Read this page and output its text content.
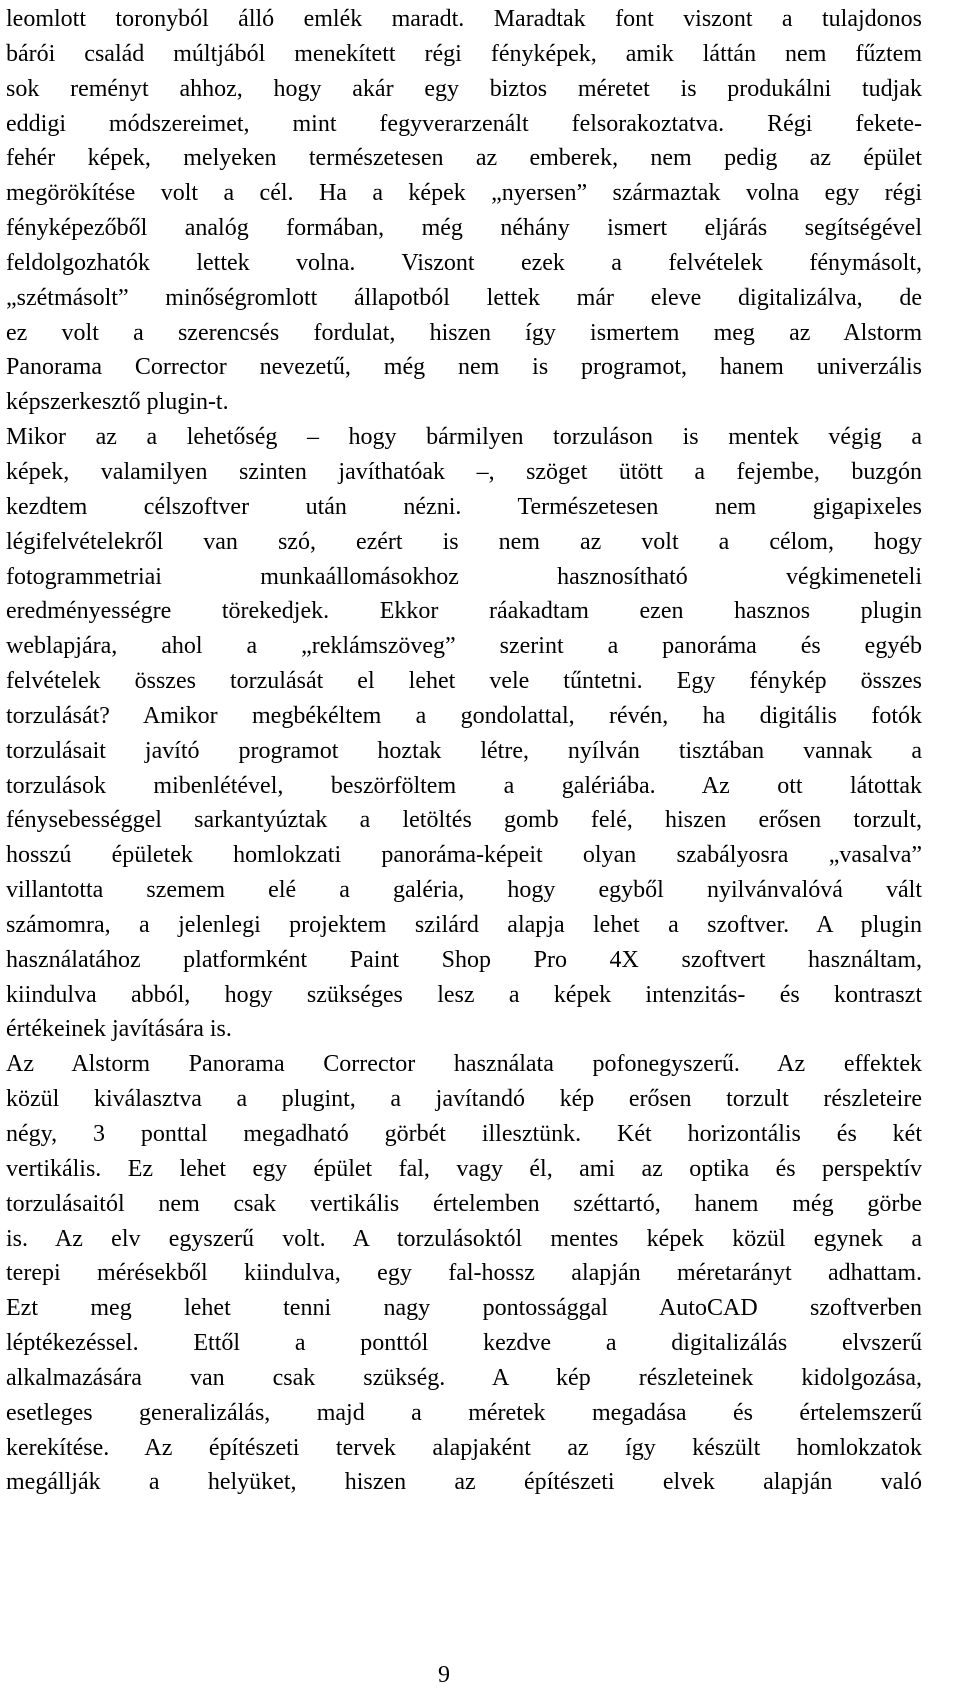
leomlott toronyból álló emlék maradt. Maradtak font viszont a tulajdonos
bárói család múltjából menekített régi fényképek, amik láttán nem fűztem
sok reményt ahhoz, hogy akár egy biztos méretet is produkálni tudjak
eddigi módszereimet, mint fegyverarzenált felsorakoztatva. Régi fekete-
fehér képek, melyeken természetesen az emberek, nem pedig az épület
megörökítése volt a cél. Ha a képek „nyersen” származtak volna egy régi
fényképezőből analóg formában, még néhány ismert eljárás segítségével
feldolgozhatók lettek volna. Viszont ezek a felvételek fénymásolt,
„szétmásolt” minőségromlott állapotból lettek már eleve digitalizálva, de
ez volt a szerencsés fordulat, hiszen így ismertem meg az Alstorm
Panorama Corrector nevezetű, még nem is programot, hanem univerzális
képszerkesztő plugin-t.
Mikor az a lehetőség – hogy bármilyen torzuláson is mentek végig a
képek, valamilyen szinten javíthatóak –, szöget ütött a fejembe, buzgón
kezdtem célszoftver után nézni. Természetesen nem gigapixeles
légifelvételekről van szó, ezért is nem az volt a célom, hogy
fotogrammetriai munkaállomásokhoz hasznosítható végkimeneteli
eredményességre törekedjek. Ekkor ráakadtam ezen hasznos plugin
weblapjára, ahol a „reklámszöveg” szerint a panoráma és egyéb
felvételek összes torzulását el lehet vele tűntetni. Egy fénykép összes
torzulását? Amikor megbékéltem a gondolattal, révén, ha digitális fotók
torzulásait javító programot hoztak létre, nyílván tisztában vannak a
torzulások mibenlétével, beszörföltem a galériába. Az ott látottak
fénysebességgel sarkantyúztak a letöltés gomb felé, hiszen erősen torzult,
hosszú épületek homlokzati panoráma-képeit olyan szabályosra „vasalva”
villantotta szemem elé a galéria, hogy egyből nyilvánvalóvá vált
számomra, a jelenlegi projektem szilárd alapja lehet a szoftver. A plugin
használatához platformként Paint Shop Pro 4X szoftvert használtam,
kiindulva abból, hogy szükséges lesz a képek intenzitás- és kontraszt
értékeinek javítására is.
Az Alstorm Panorama Corrector használata pofonegyszerű. Az effektek
közül kiválasztva a plugint, a javítandó kép erősen torzult részleteire
négy, 3 ponttal megadható görbét illesztünk. Két horizontális és két
vertikális. Ez lehet egy épület fal, vagy él, ami az optika és perspektív
torzulásaitól nem csak vertikális értelemben széttartó, hanem még görbe
is. Az elv egyszerű volt. A torzulásoktól mentes képek közül egynek a
terepi mérésekből kiindulva, egy fal-hossz alapján méretarányt adhattam.
Ezt meg lehet tenni nagy pontossággal AutoCAD szoftverben
léptékezéssel. Ettől a ponttól kezdve a digitalizálás elvszerű
alkalmazására van csak szükség. A kép részleteinek kidolgozása,
esetleges generalizálás, majd a méretek megadása és értelemszerű
kerekítése. Az építészeti tervek alapjaként az így készült homlokzatok
megállják a helyüket, hiszen az építészeti elvek alapján való
9
